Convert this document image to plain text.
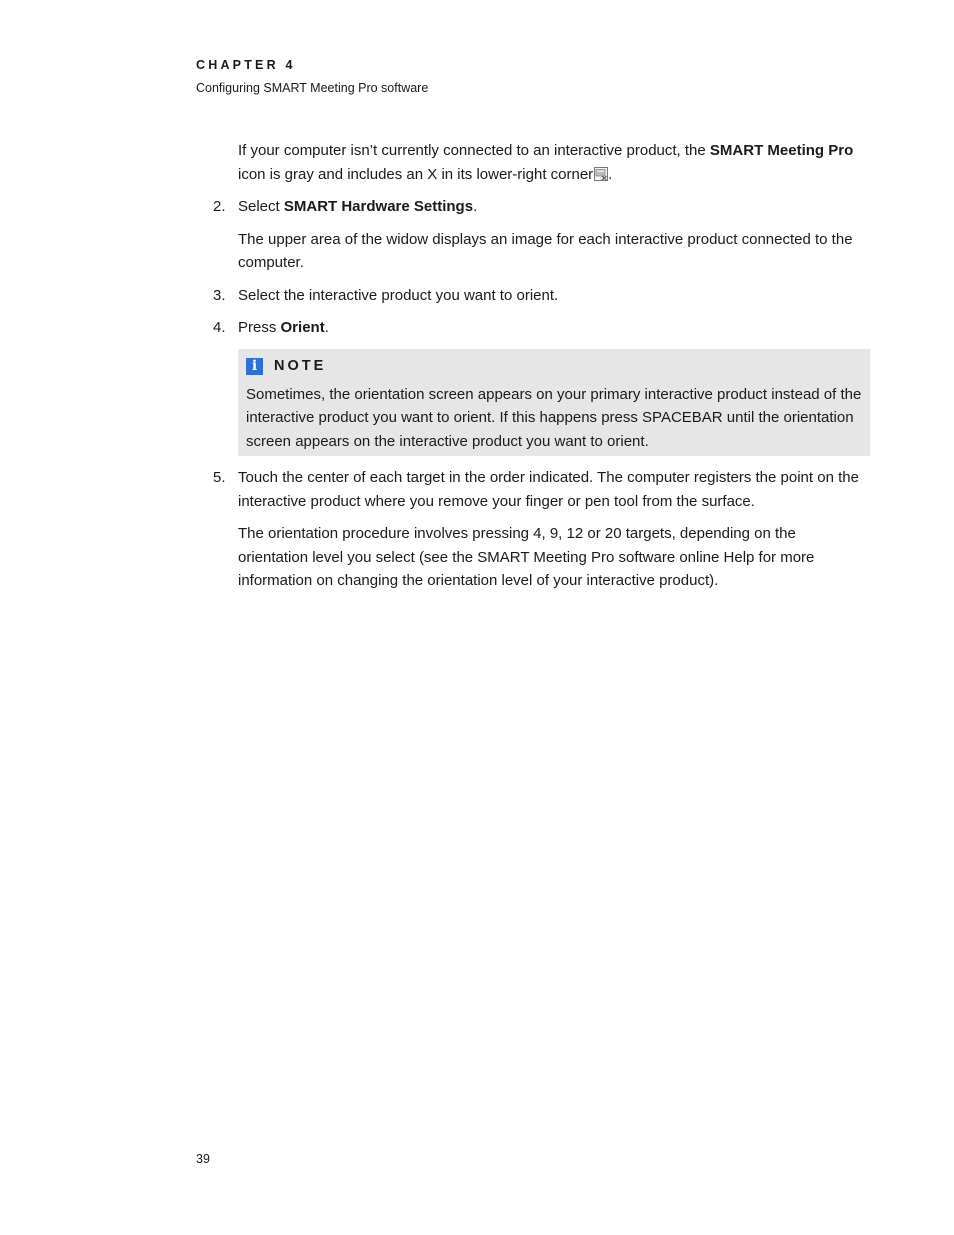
CHAPTER 4

Configuring SMART Meeting Pro software

If your computer isn’t currently connected to an interactive product, the SMART Meeting Pro icon is gray and includes an X in its lower-right corner .

2. Select SMART Hardware Settings.

The upper area of the widow displays an image for each interactive product connected to the computer.

3. Select the interactive product you want to orient.

4. Press Orient.

i	NOTE

Sometimes, the orientation screen appears on your primary interactive product instead of the interactive product you want to orient. If this happens press SPACEBAR until the orientation screen appears on the interactive product you want to orient.

5. Touch the center of each target in the order indicated. The computer registers the point on the interactive product where you remove your finger or pen tool from the surface.

The orientation procedure involves pressing 4, 9, 12 or 20 targets, depending on the orientation level you select (see the SMART Meeting Pro software online Help for more information on changing the orientation level of your interactive product).

39
